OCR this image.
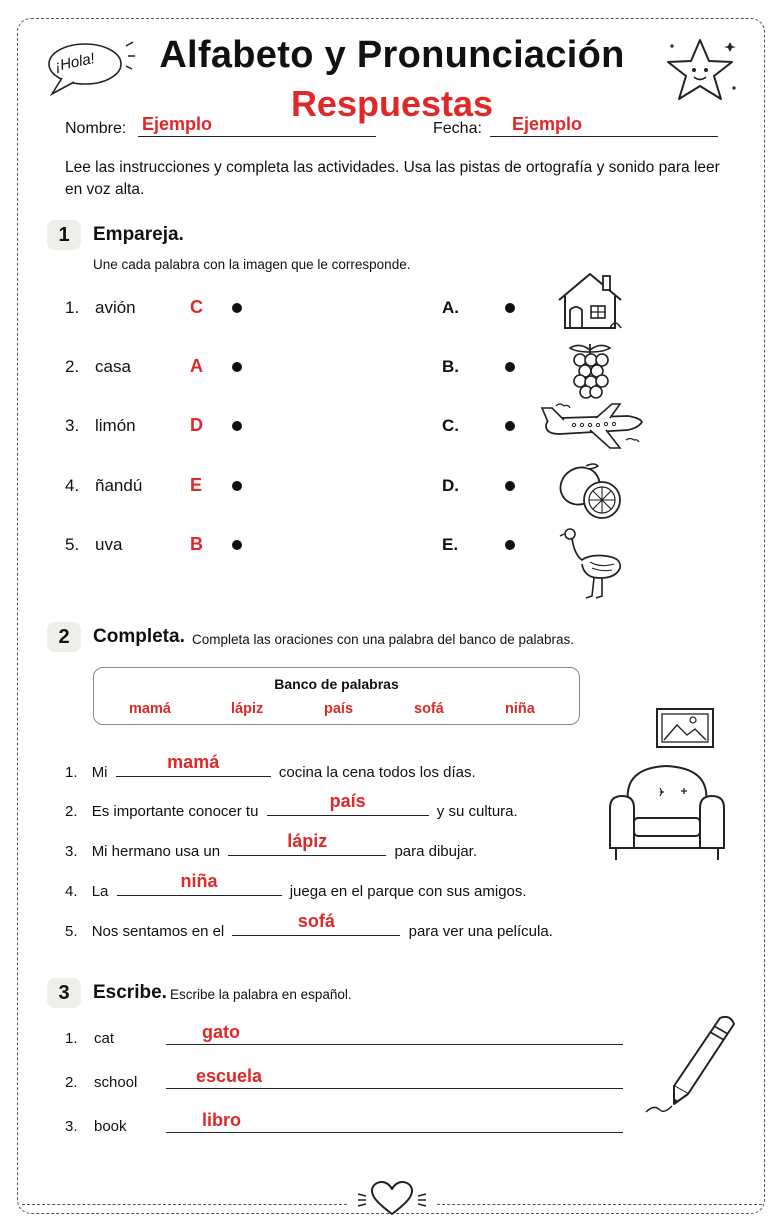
¡Hola!	Alfabeto y Pronunciación
Respuestas
Nombre: Ejemplo	Fecha: Ejemplo
Lee las instrucciones y completa las actividades. Usa las pistas de ortografía y sonido para leer en voz alta.
1	Empareja.
Une cada palabra con la imagen que le corresponde.
1. avión	C	A.
2. casa	A	B.
3. limón	D	C.
4. ñandú	E	D.
5. uva	B	E.
2	Completa. Completa las oraciones con una palabra del banco de palabras.
Banco de palabras
mamá	lápiz	país	sofá	niña
1. Mi
mamá
cocina la cena todos los días.
2. Es importante conocer tu
país
y su cultura.
3. Mi hermano usa un
lápiz
para dibujar.
4. La
niña
juega en el parque con sus amigos.
5. Nos sentamos en el
sofá
para ver una película.
3	Escribe. Escribe la palabra en español.
1. cat	gato
2. school	escuela
3. book	libro
